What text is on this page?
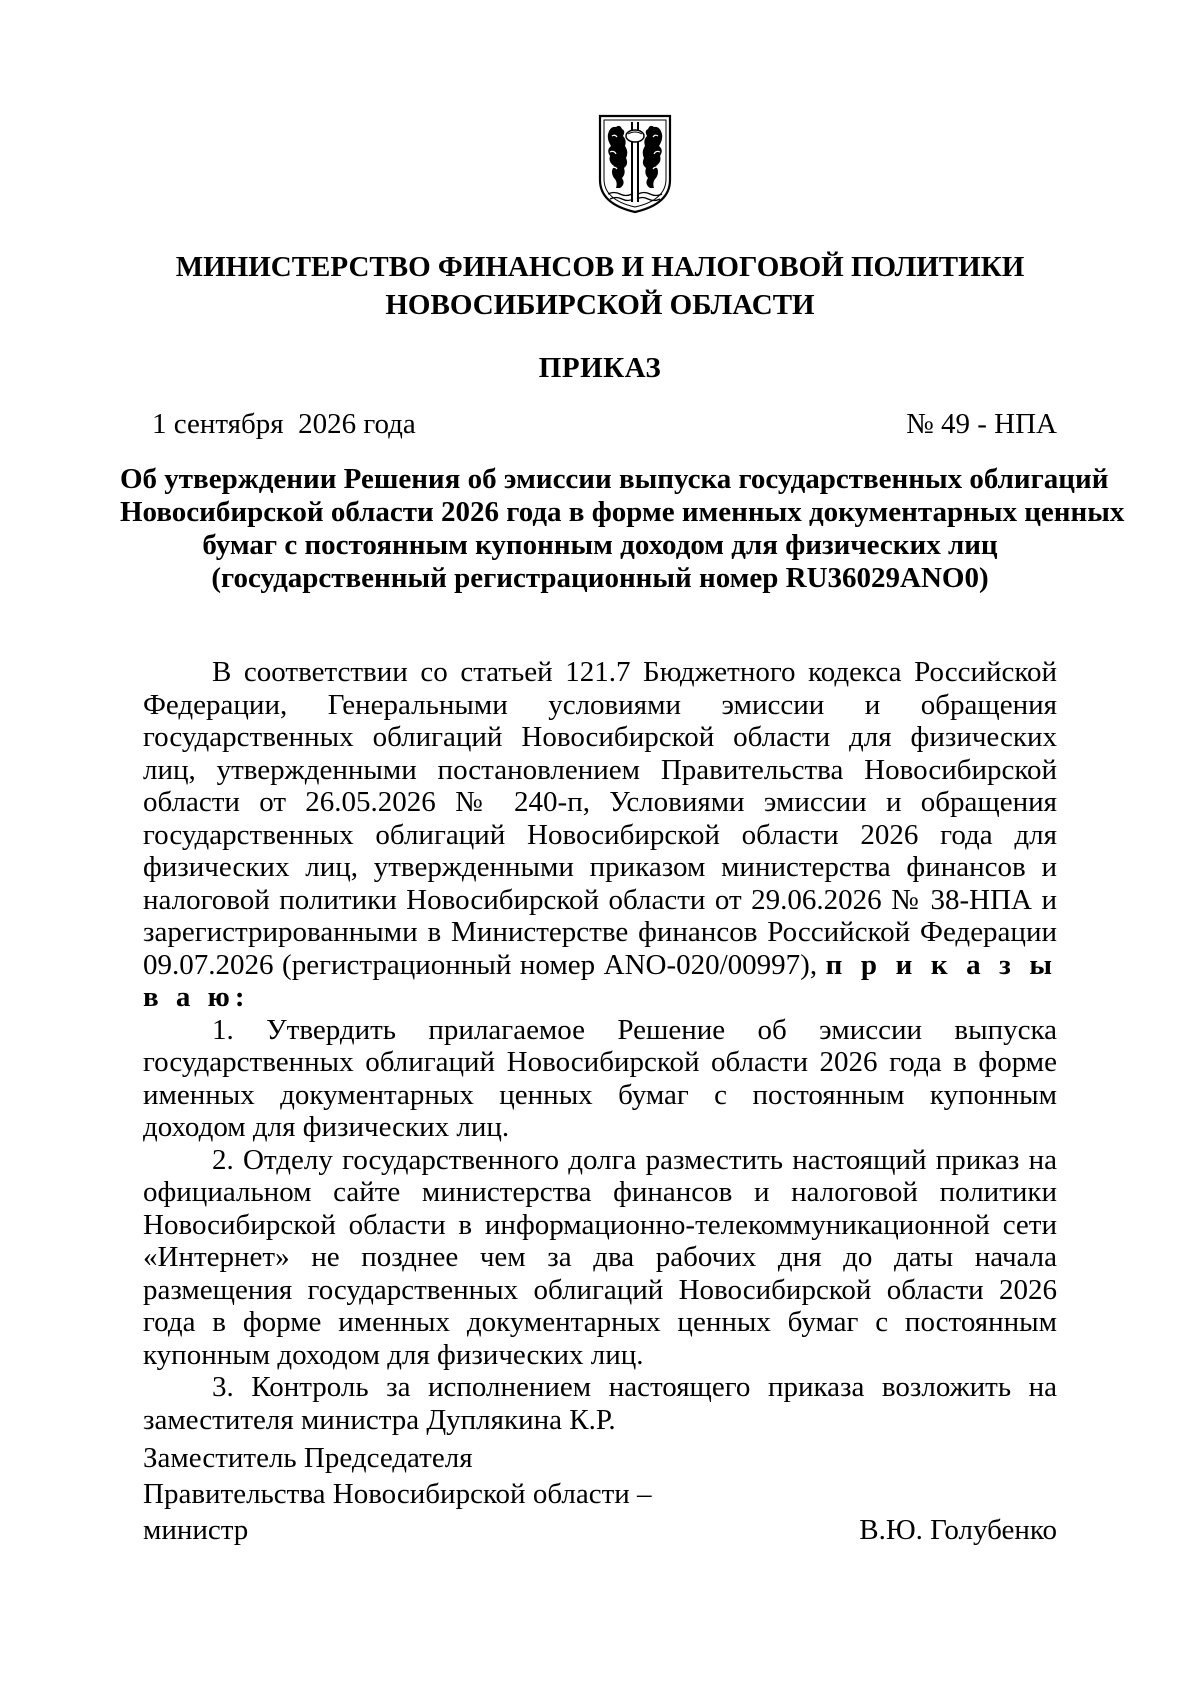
МИНИСТЕРСТВО ФИНАНСОВ И НАЛОГОВОЙ ПОЛИТИКИ
НОВОСИБИРСКОЙ ОБЛАСТИ
ПРИКАЗ
1 сентября  2026 года	№ 49 - НПА
Об утверждении Решения об эмиссии выпуска государственных облигаций
Новосибирской области 2026 года в форме именных документарных ценных
бумаг с постоянным купонным доходом для физических лиц
(государственный регистрационный номер RU36029ANO0)

В соответствии со статьей 121.7 Бюджетного кодекса Российской Федерации, Генеральными условиями эмиссии и обращения государственных облигаций Новосибирской области для физических лиц, утвержденными постановлением Правительства Новосибирской области от 26.05.2026 № 240-п, Условиями эмиссии и обращения государственных облигаций Новосибирской области 2026 года для физических лиц, утвержденными приказом министерства финансов и налоговой политики Новосибирской области от 29.06.2026 № 38-НПА и зарегистрированными в Министерстве финансов Российской Федерации 09.07.2026 (регистрационный номер ANO-020/00997), п р и к а з ы в а ю:

1. Утвердить прилагаемое Решение об эмиссии выпуска государственных облигаций Новосибирской области 2026 года в форме именных документарных ценных бумаг с постоянным купонным доходом для физических лиц.

2. Отделу государственного долга разместить настоящий приказ на официальном сайте министерства финансов и налоговой политики Новосибирской области в информационно-телекоммуникационной сети «Интернет» не позднее чем за два рабочих дня до даты начала размещения государственных облигаций Новосибирской области 2026 года в форме именных документарных ценных бумаг с постоянным купонным доходом для физических лиц.

3. Контроль за исполнением настоящего приказа возложить на заместителя министра Дуплякина К.Р.

Заместитель Председателя
Правительства Новосибирской области –
министр	В.Ю. Голубенко
